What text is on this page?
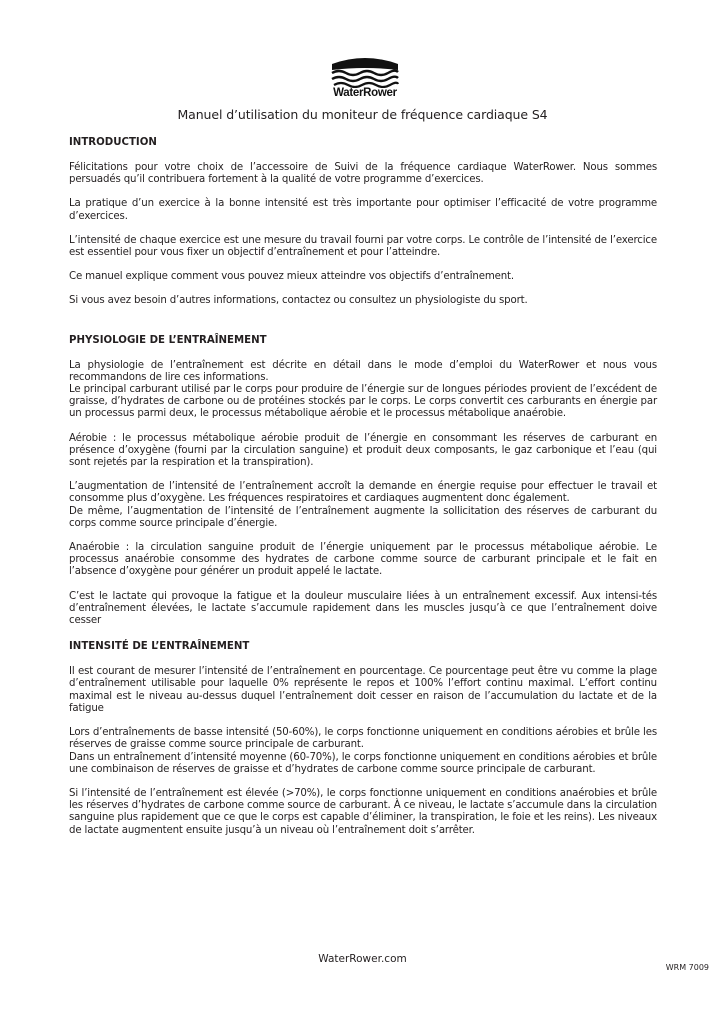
WaterRower
Manuel d’utilisation du moniteur de fréquence cardiaque S4
INTRODUCTION

Félicitations pour votre choix de l’accessoire de Suivi de la fréquence cardiaque WaterRower. Nous sommes persuadés qu’il contribuera fortement à la qualité de votre programme d’exercices.

La pratique d’un exercice à la bonne intensité est très importante pour optimiser l’efficacité de votre programme d’exercices.

L’intensité de chaque exercice est une mesure du travail fourni par votre corps. Le contrôle de l’intensité de l’exercice est essentiel pour vous fixer un objectif d’entraînement et pour l’atteindre.

Ce manuel explique comment vous pouvez mieux atteindre vos objectifs d’entraînement.

Si vous avez besoin d’autres informations, contactez ou consultez un physiologiste du sport.

PHYSIOLOGIE DE L’ENTRAÎNEMENT

La physiologie de l’entraînement est décrite en détail dans le mode d’emploi du WaterRower et nous vous recommandons de lire ces informations.

Le principal carburant utilisé par le corps pour produire de l’énergie sur de longues périodes provient de l’excédent de graisse, d’hydrates de carbone ou de protéines stockés par le corps. Le corps convertit ces carburants en énergie par un processus parmi deux, le processus métabolique aérobie et le processus métabolique anaérobie.

Aérobie : le processus métabolique aérobie produit de l’énergie en consommant les réserves de carburant en présence d’oxygène (fourni par la circulation sanguine) et produit deux composants, le gaz carbonique et l’eau (qui sont rejetés par la respiration et la transpiration).

L’augmentation de l’intensité de l’entraînement accroît la demande en énergie requise pour effectuer le travail et consomme plus d’oxygène. Les fréquences respiratoires et cardiaques augmentent donc également.

De même, l’augmentation de l’intensité de l’entraînement augmente la sollicitation des réserves de carburant du corps comme source principale d’énergie.

Anaérobie : la circulation sanguine produit de l’énergie uniquement par le processus métabolique aérobie. Le processus anaérobie consomme des hydrates de carbone comme source de carburant principale et le fait en l’absence d’oxygène pour générer un produit appelé le lactate.

C’est le lactate qui provoque la fatigue et la douleur musculaire liées à un entraînement excessif. Aux intensi-tés d’entraînement élevées, le lactate s’accumule rapidement dans les muscles jusqu’à ce que l’entraînement doive cesser

INTENSITÉ DE L’ENTRAÎNEMENT

Il est courant de mesurer l’intensité de l’entraînement en pourcentage. Ce pourcentage peut être vu comme la plage d’entraînement utilisable pour laquelle 0% représente le repos et 100% l’effort continu maximal. L’effort continu maximal est le niveau au-dessus duquel l’entraînement doit cesser en raison de l’accumulation du lactate et de la fatigue

Lors d’entraînements de basse intensité (50-60%), le corps fonctionne uniquement en conditions aérobies et brûle les réserves de graisse comme source principale de carburant.

Dans un entraînement d’intensité moyenne (60-70%), le corps fonctionne uniquement en conditions aérobies et brûle une combinaison de réserves de graisse et d’hydrates de carbone comme source principale de carburant.

Si l’intensité de l’entraînement est élevée (>70%), le corps fonctionne uniquement en conditions anaérobies et brûle les réserves d’hydrates de carbone comme source de carburant. À ce niveau, le lactate s’accumule dans la circulation sanguine plus rapidement que ce que le corps est capable d’éliminer, la transpiration, le foie et les reins). Les niveaux de lactate augmentent ensuite jusqu’à un niveau où l’entraînement doit s’arrêter.

WaterRower.com
WRM 7009
